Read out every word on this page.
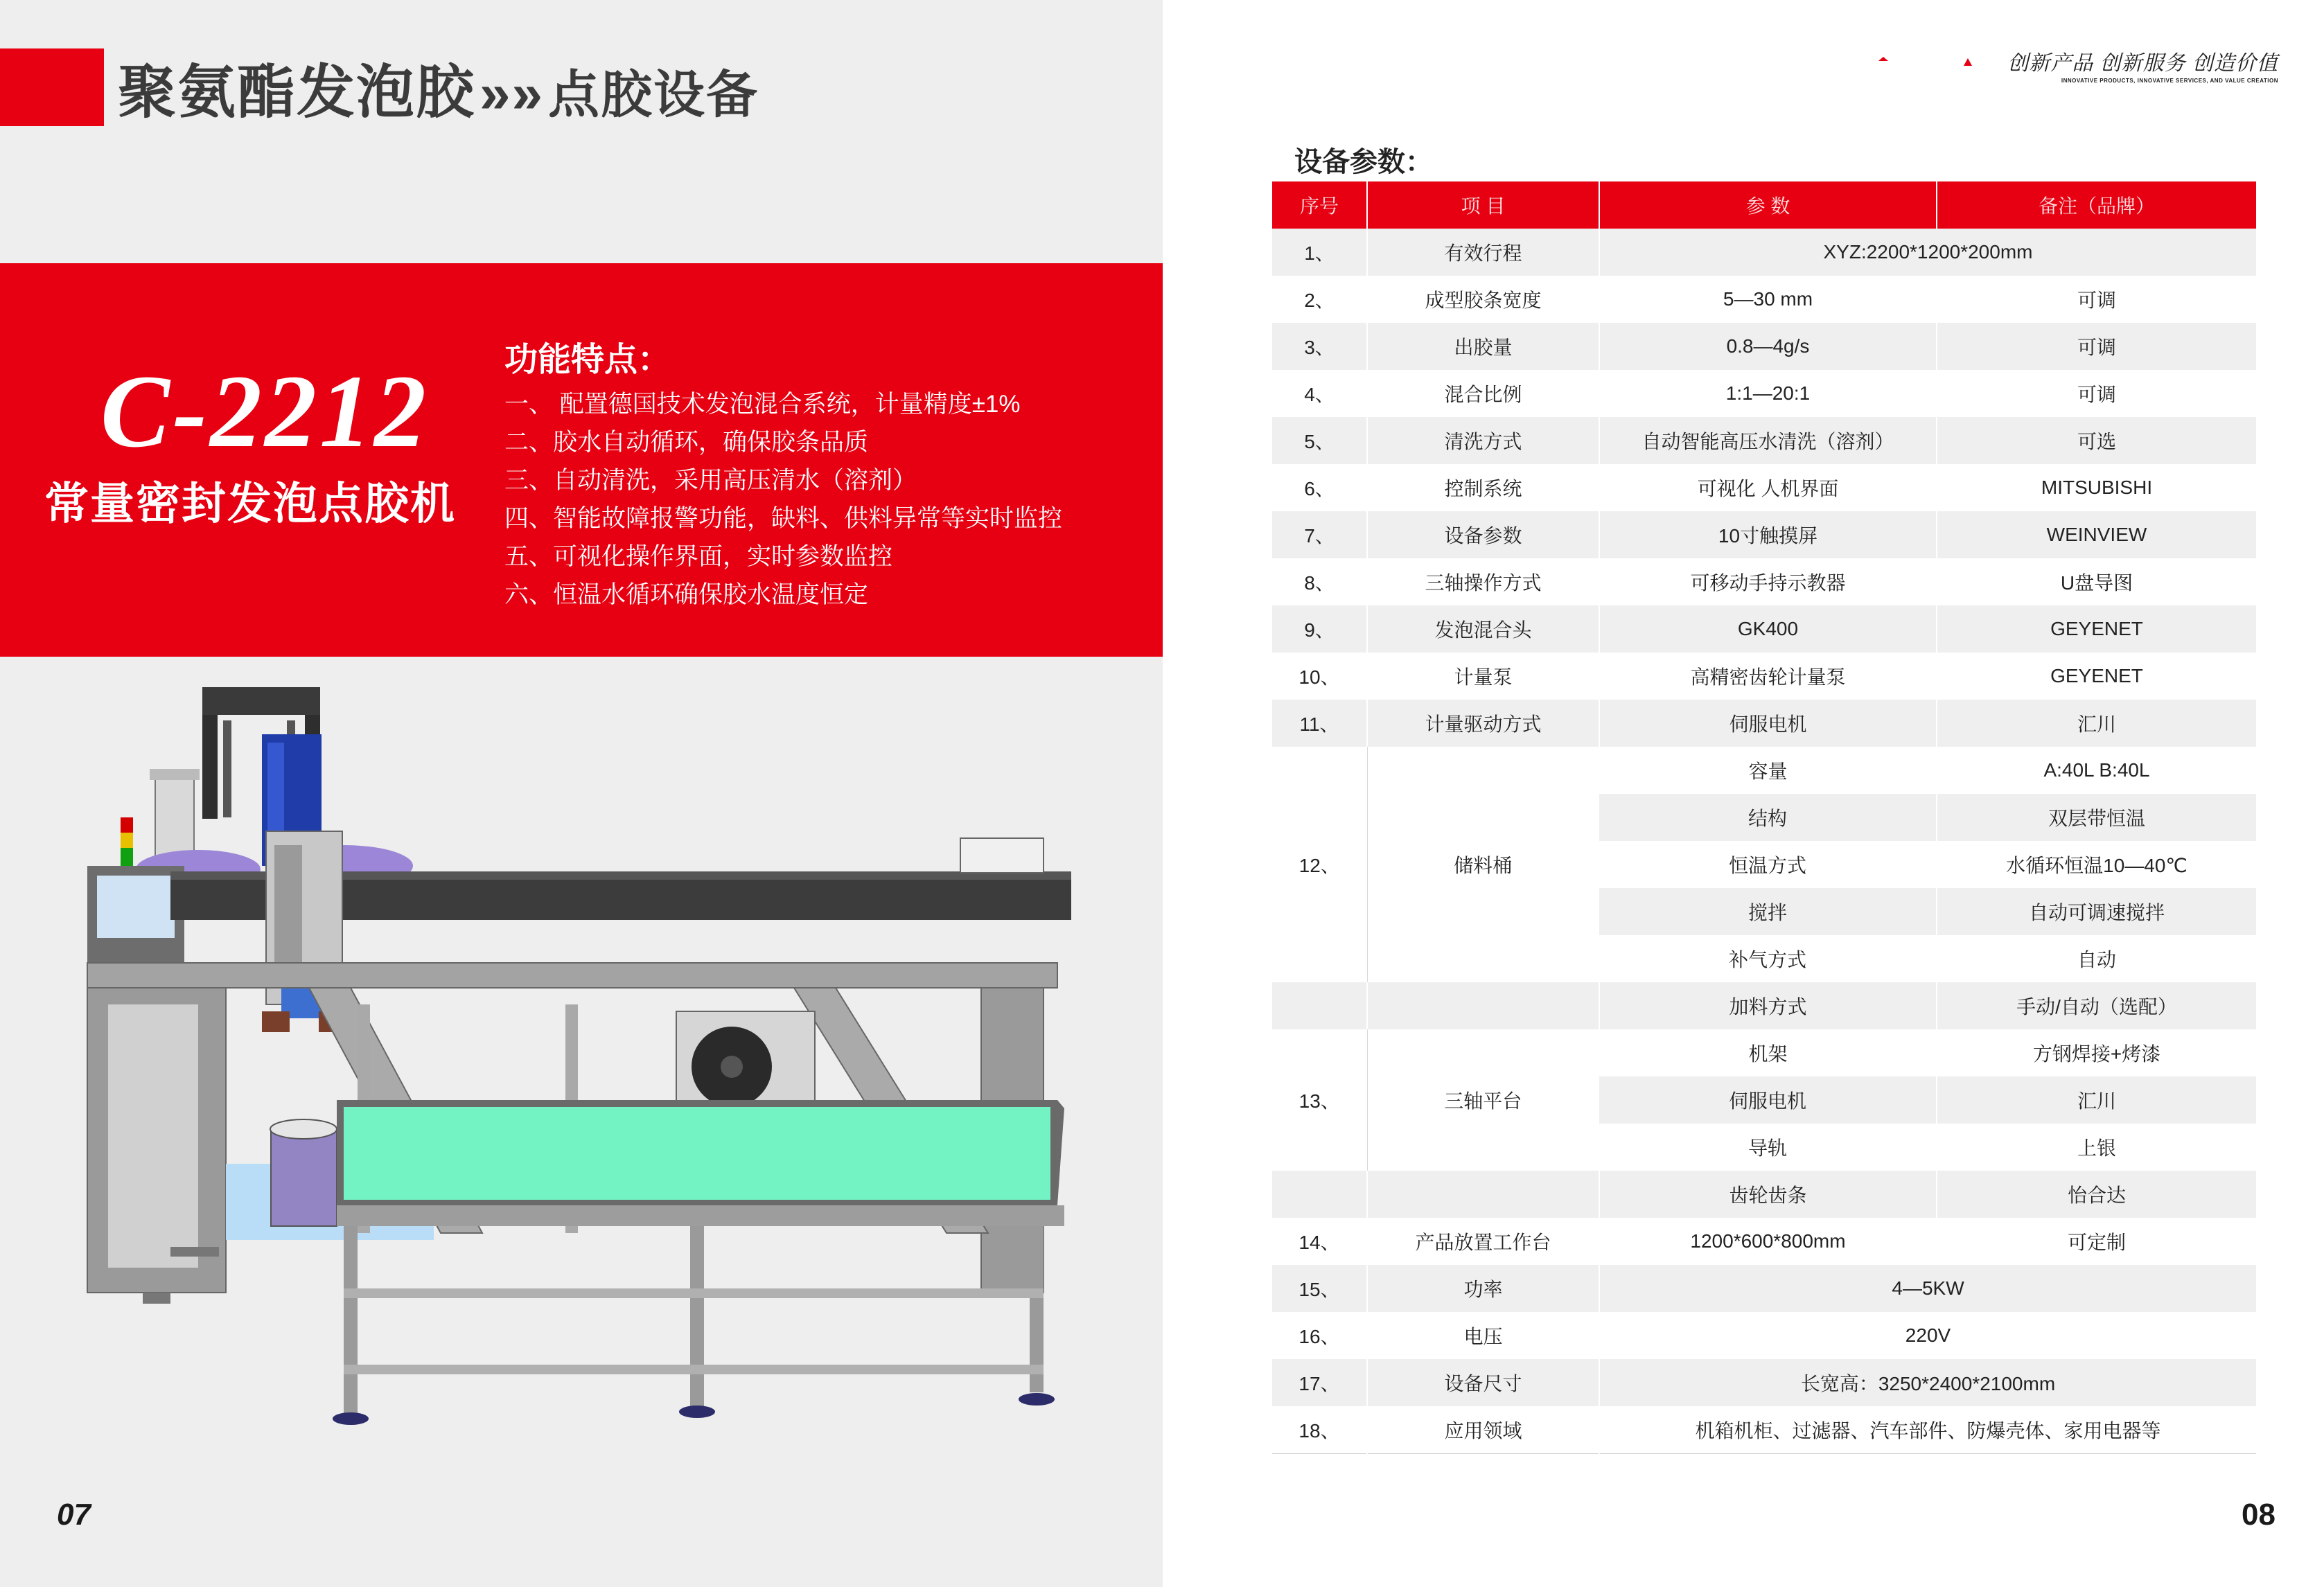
聚氨酯发泡胶»»点胶设备
C-2212
常量密封发泡点胶机
功能特点：
一、 配置德国技术发泡混合系统，计量精度±1%
二、胶水自动循环，确保胶条品质
三、自动清洗，采用高压清水（溶剂）
四、智能故障报警功能，缺料、供料异常等实时监控
五、可视化操作界面，实时参数监控
六、恒温水循环确保胶水温度恒定
07
创新产品 创新服务 创造价值
INNOVATIVE PRODUCTS, INNOVATIVE SERVICES, AND VALUE CREATION
设备参数：
序号	项 目	参 数	备注（品牌）
1、	有效行程	XYZ:2200*1200*200mm	
2、	成型胶条宽度	5—30 mm	可调
3、	出胶量	0.8—4g/s	可调
4、	混合比例	1:1—20:1	可调
5、	清洗方式	自动智能高压水清洗（溶剂）	可选
6、	控制系统	可视化 人机界面	MITSUBISHI
7、	设备参数	10寸触摸屏	WEINVIEW
8、	三轴操作方式	可移动手持示教器	U盘导图
9、	发泡混合头	GK400	GEYENET
10、	计量泵	高精密齿轮计量泵	GEYENET
11、	计量驱动方式	伺服电机	汇川
12、	储料桶	容量	A:40L B:40L
		结构	双层带恒温
		恒温方式	水循环恒温10—40℃
		搅拌	自动可调速搅拌
		补气方式	自动
		加料方式	手动/自动（选配）
13、	三轴平台	机架	方钢焊接+烤漆
		伺服电机	汇川
		导轨	上银
		齿轮齿条	怡合达
14、	产品放置工作台	1200*600*800mm	可定制
15、	功率	4—5KW	
16、	电压	220V	
17、	设备尺寸	长宽高：3250*2400*2100mm	
18、	应用领域	机箱机柜、过滤器、汽车部件、防爆壳体、家用电器等	
08
